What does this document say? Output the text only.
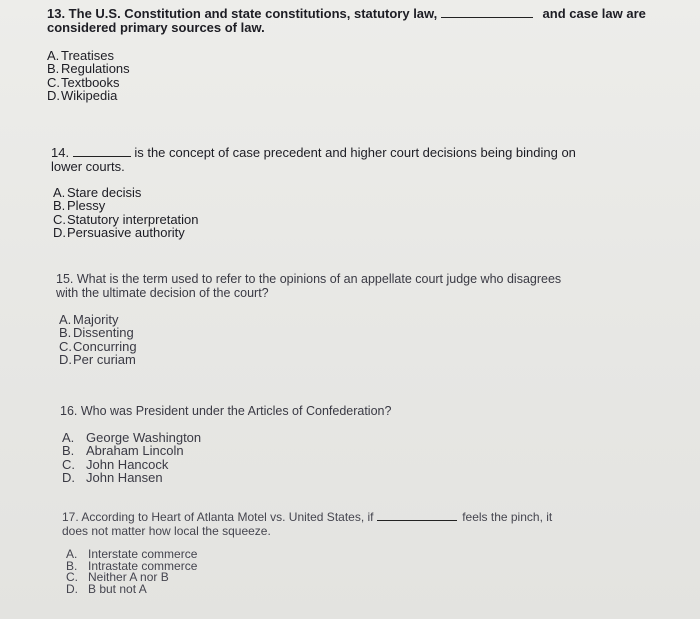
13. The U.S. Constitution and state constitutions, statutory law,	and case law are
considered primary sources of law.
A. Treatises
B. Regulations
C.Textbooks
D.Wikipedia
14.	is the concept of case precedent and higher court decisions being binding on
lower courts.
A. Stare decisis
B. Plessy
C.Statutory interpretation
D.Persuasive authority
15. What is the term used to refer to the opinions of an appellate court judge who disagrees
with the ultimate decision of the court?
A. Majority
B. Dissenting
C.Concurring
D.Per curiam
16. Who was President under the Articles of Confederation?
A. George Washington
B. Abraham Lincoln
C. John Hancock
D. John Hansen
17. According to Heart of Atlanta Motel vs. United States, if	feels the pinch, it
does not matter how local the squeeze.
A. Interstate commerce
B. Intrastate commerce
C. Neither A nor B
D. B but not A
